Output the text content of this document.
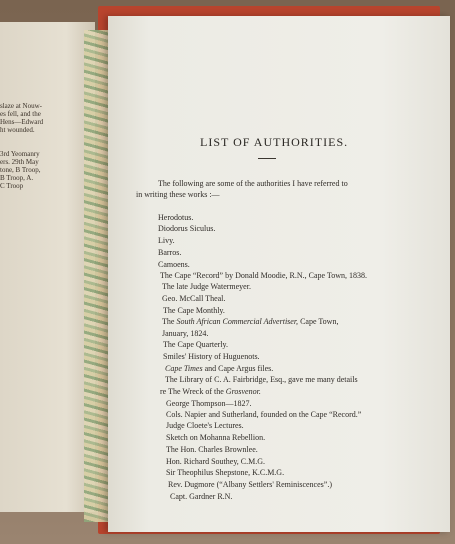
slaze at Nouw-
es fell, and the
Hens—Edward
ht wounded.
3rd Yeomanry
ers. 29th May
tone, B Troop,
B Troop, A.
C Troop
LIST OF AUTHORITIES.
The following are some of the authorities I have referred to
in writing these works :—
Herodotus.
Diodorus Siculus.
Livy.
Barros.
Camoens.
The Cape “Record” by Donald Moodie, R.N., Cape Town, 1838.
The late Judge Watermeyer.
Geo. McCall Theal.
The Cape Monthly.
The South African Commercial Advertiser, Cape Town,
January, 1824.
The Cape Quarterly.
Smiles' History of Huguenots.
Cape Times and Cape Argus files.
The Library of C. A. Fairbridge, Esq., gave me many details
re The Wreck of the Grosvenor.
George Thompson—1827.
Cols. Napier and Sutherland, founded on the Cape “Record.”
Judge Cloete's Lectures.
Sketch on Mohanna Rebellion.
The Hon. Charles Brownlee.
Hon. Richard Southey, C.M.G.
Sir Theophilus Shepstone, K.C.M.G.
Rev. Dugmore (“Albany Settlers' Reminiscences”.)
Capt. Gardner R.N.
